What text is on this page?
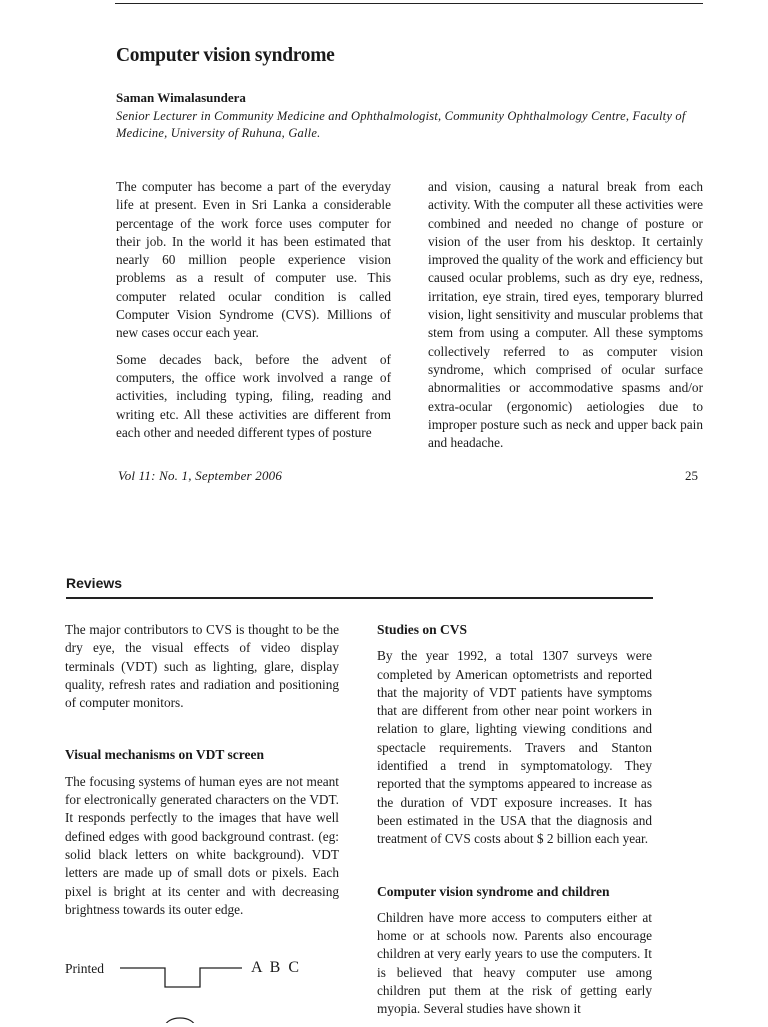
Computer vision syndrome
Saman Wimalasundera
Senior Lecturer in Community Medicine and Ophthalmologist, Community Ophthalmology Centre, Faculty of Medicine, University of Ruhuna, Galle.

The computer has become a part of the everyday life at present. Even in Sri Lanka a considerable percentage of the work force uses computer for their job. In the world it has been estimated that nearly 60 million people experience vision problems as a result of computer use. This computer related ocular condition is called Computer Vision Syndrome (CVS). Millions of new cases occur each year.

Some decades back, before the advent of computers, the office work involved a range of activities, including typing, filing, reading and writing etc. All these activities are different from each other and needed different types of posture

and vision, causing a natural break from each activity. With the computer all these activities were combined and needed no change of posture or vision of the user from his desktop. It certainly improved the quality of the work and efficiency but caused ocular problems, such as dry eye, redness, irritation, eye strain, tired eyes, temporary blurred vision, light sensitivity and muscular problems that stem from using a computer. All these symptoms collectively referred to as computer vision syndrome, which comprised of ocular surface abnormalities or accommodative spasms and/or extra-ocular (ergonomic) aetiologies due to improper posture such as neck and upper back pain and headache.

Vol 11: No. 1, September 2006	25
Reviews

The major contributors to CVS is thought to be the dry eye, the visual effects of video display terminals (VDT) such as lighting, glare, display quality, refresh rates and radiation and positioning of computer monitors.

Visual mechanisms on VDT screen

The focusing systems of human eyes are not meant for electronically generated characters on the VDT. It responds perfectly to the images that have well defined edges with good background contrast. (eg: solid black letters on white background). VDT letters are made up of small dots or pixels. Each pixel is bright at its center and with decreasing brightness towards its outer edge.

Studies on CVS

By the year 1992, a total 1307 surveys were completed by American optometrists and reported that the majority of VDT patients have symptoms that are different from other near point workers in relation to glare, lighting viewing conditions and spectacle requirements. Travers and Stanton identified a trend in symptomatology. They reported that the symptoms appeared to increase as the duration of VDT exposure increases. It has been estimated in the USA that the diagnosis and treatment of CVS costs about $ 2 billion each year.

Computer vision syndrome and children

Children have more access to computers either at home or at schools now. Parents also encourage children at very early years to use the computers. It is believed that heavy computer use among children put them at the risk of getting early myopia. Several studies have shown it

Printed	A B C
